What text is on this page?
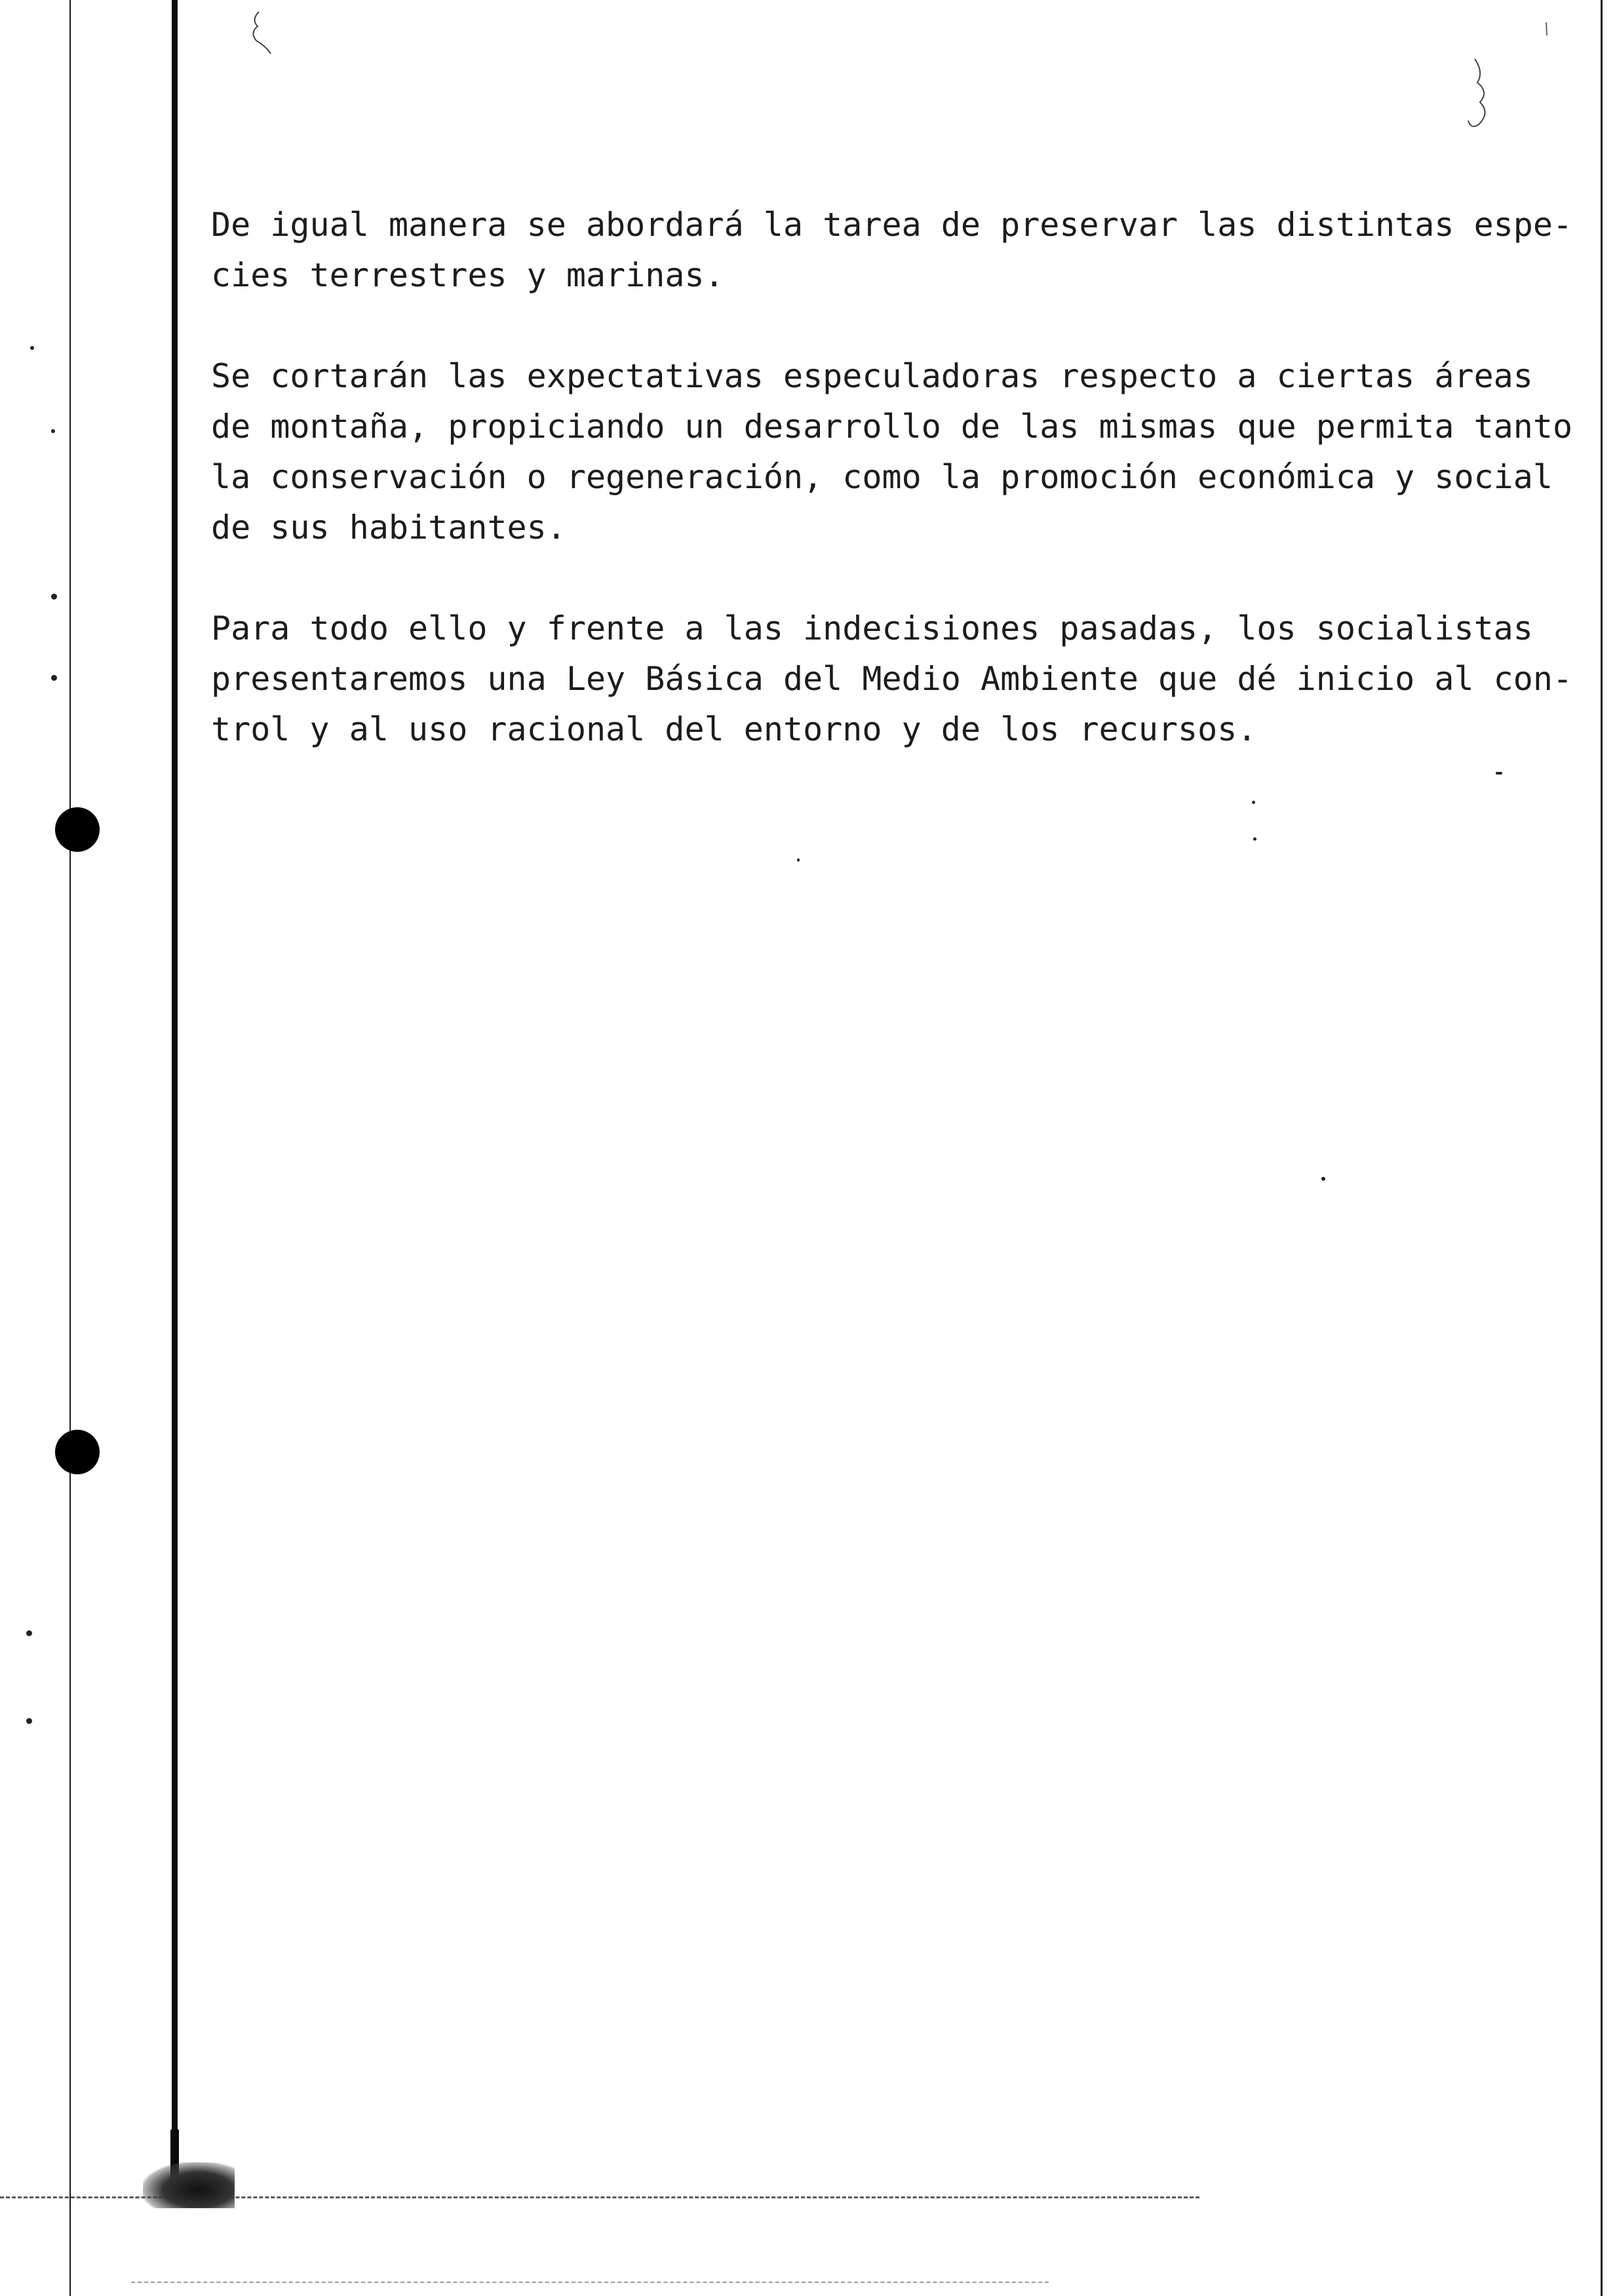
De igual manera se abordará la tarea de preservar las distintas espe-
cies terrestres y marinas.
Se cortarán las expectativas especuladoras respecto a ciertas áreas
de montaña, propiciando un desarrollo de las mismas que permita tanto
la conservación o regeneración, como la promoción económica y social
de sus habitantes.
Para todo ello y frente a las indecisiones pasadas, los socialistas
presentaremos una Ley Básica del Medio Ambiente que dé inicio al con-
trol y al uso racional del entorno y de los recursos.
